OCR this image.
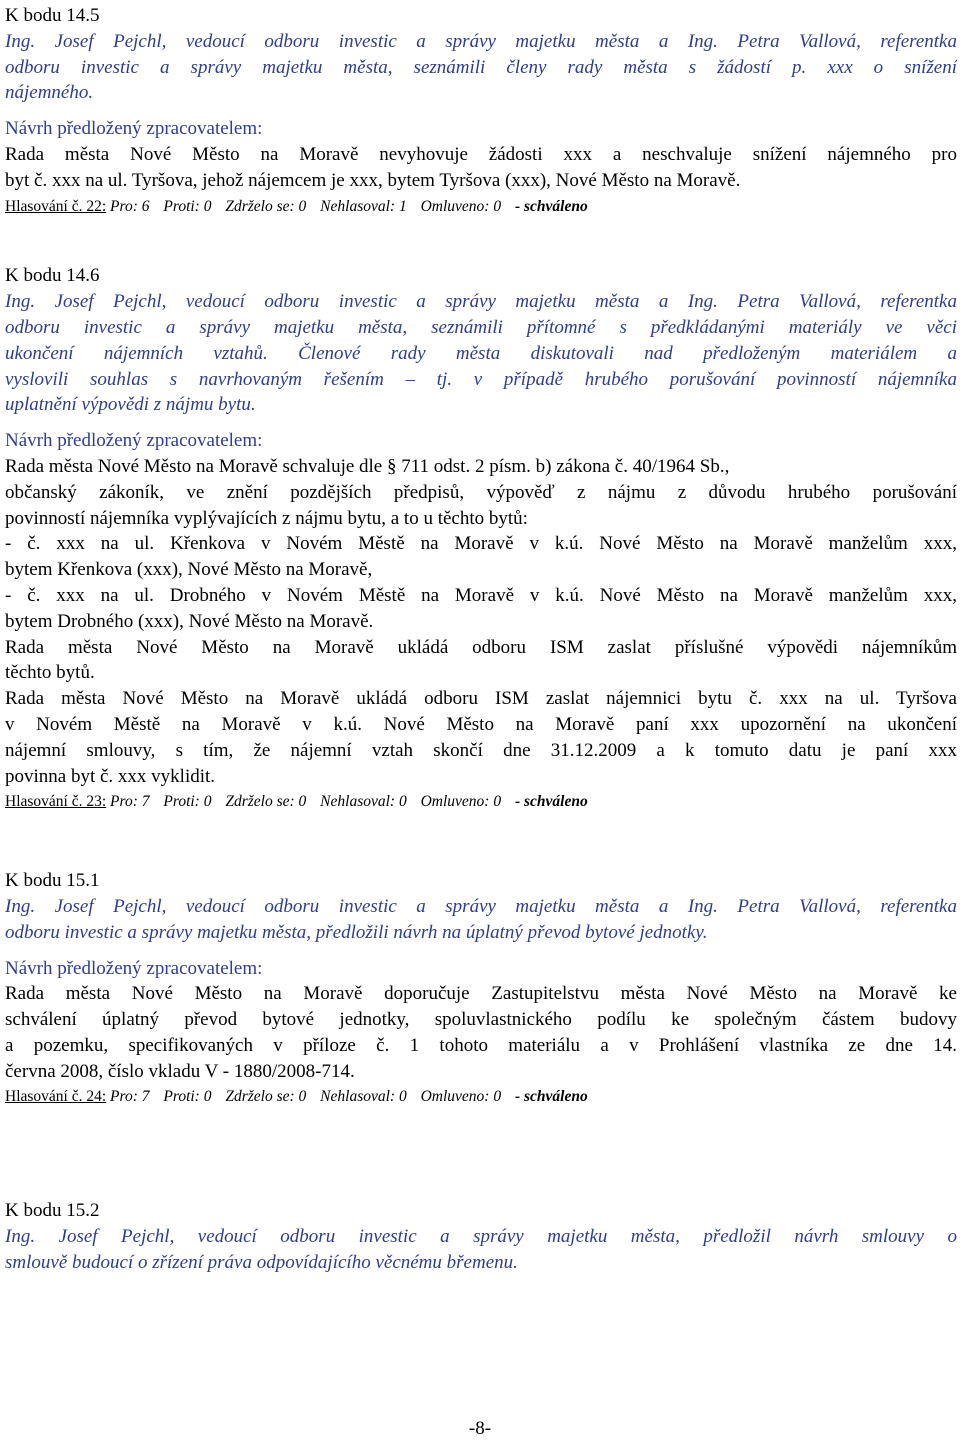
K bodu 14.5
Ing. Josef Pejchl, vedoucí odboru investic a správy majetku města a Ing. Petra Vallová, referentka
odboru investic a správy majetku města, seznámili členy rady města s žádostí p. xxx o snížení
nájemného.
Návrh předložený zpracovatelem:
Rada města Nové Město na Moravě nevyhovuje žádosti xxx a neschvaluje snížení nájemného pro
byt č. xxx na ul. Tyršova, jehož nájemcem je xxx, bytem Tyršova (xxx), Nové Město na Moravě.
Hlasování č. 22: Pro: 6 Proti: 0 Zdrželo se: 0 Nehlasoval: 1 Omluveno: 0 - schváleno
K bodu 14.6
Ing. Josef Pejchl, vedoucí odboru investic a správy majetku města a Ing. Petra Vallová, referentka
odboru investic a správy majetku města, seznámili přítomné s předkládanými materiály ve věci
ukončení nájemních vztahů. Členové rady města diskutovali nad předloženým materiálem a
vyslovili souhlas s navrhovaným řešením – tj. v případě hrubého porušování povinností nájemníka
uplatnění výpovědi z nájmu bytu.
Návrh předložený zpracovatelem:
Rada města Nové Město na Moravě schvaluje dle § 711 odst. 2 písm. b) zákona č. 40/1964 Sb.,
občanský zákoník, ve znění pozdějších předpisů, výpověď z nájmu z důvodu hrubého porušování
povinností nájemníka vyplývajících z nájmu bytu, a to u těchto bytů:
- č. xxx na ul. Křenkova v Novém Městě na Moravě v k.ú. Nové Město na Moravě manželům xxx,
bytem Křenkova (xxx), Nové Město na Moravě,
- č. xxx na ul. Drobného v Novém Městě na Moravě v k.ú. Nové Město na Moravě manželům xxx,
bytem Drobného (xxx), Nové Město na Moravě.
Rada města Nové Město na Moravě ukládá odboru ISM zaslat příslušné výpovědi nájemníkům
těchto bytů.
Rada města Nové Město na Moravě ukládá odboru ISM zaslat nájemnici bytu č. xxx na ul. Tyršova
v Novém Městě na Moravě v k.ú. Nové Město na Moravě paní xxx upozornění na ukončení
nájemní smlouvy, s tím, že nájemní vztah skončí dne 31.12.2009 a k tomuto datu je paní xxx
povinna byt č. xxx vyklidit.
Hlasování č. 23: Pro: 7 Proti: 0 Zdrželo se: 0 Nehlasoval: 0 Omluveno: 0 - schváleno
K bodu 15.1
Ing. Josef Pejchl, vedoucí odboru investic a správy majetku města a Ing. Petra Vallová, referentka
odboru investic a správy majetku města, předložili návrh na úplatný převod bytové jednotky.
Návrh předložený zpracovatelem:
Rada města Nové Město na Moravě doporučuje Zastupitelstvu města Nové Město na Moravě ke
schválení úplatný převod bytové jednotky, spoluvlastnického podílu ke společným částem budovy
a pozemku, specifikovaných v příloze č. 1 tohoto materiálu a v Prohlášení vlastníka ze dne 14.
června 2008, číslo vkladu V - 1880/2008-714.
Hlasování č. 24: Pro: 7 Proti: 0 Zdrželo se: 0 Nehlasoval: 0 Omluveno: 0 - schváleno
K bodu 15.2
Ing. Josef Pejchl, vedoucí odboru investic a správy majetku města, předložil návrh smlouvy o
smlouvě budoucí o zřízení práva odpovídajícího věcnému břemenu.
-8-
